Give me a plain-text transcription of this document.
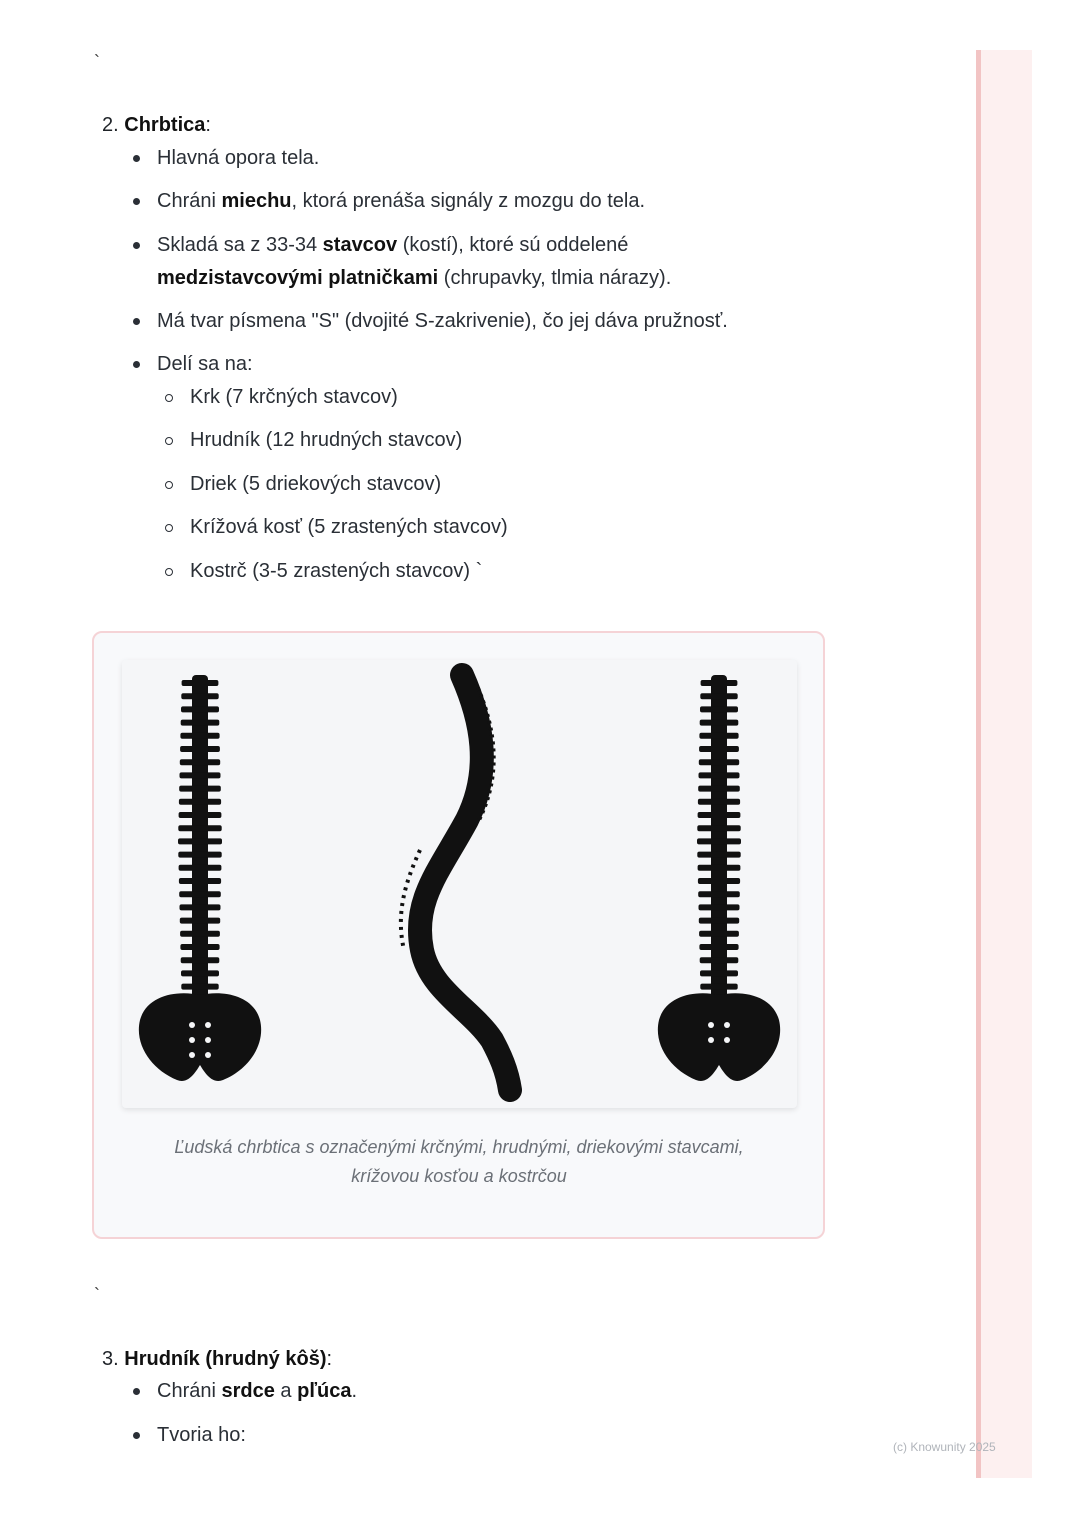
`
2. Chrbtica:
Hlavná opora tela.
Chráni miechu, ktorá prenáša signály z mozgu do tela.
Skladá sa z 33-34 stavcov (kostí), ktoré sú oddelené
medzistavcovými platničkami (chrupavky, tlmia nárazy).
Má tvar písmena "S" (dvojité S-zakrivenie), čo jej dáva pružnosť.
Delí sa na:
Krk (7 krčných stavcov)
Hrudník (12 hrudných stavcov)
Driek (5 driekových stavcov)
Krížová kosť (5 zrastených stavcov)
Kostrč (3-5 zrastených stavcov) `
Ľudská chrbtica s označenými krčnými, hrudnými, driekovými stavcami,
krížovou kosťou a kostrčou
`
3. Hrudník (hrudný kôš):
Chráni srdce a pľúca.
Tvoria ho:
(c) Knowunity 2025
